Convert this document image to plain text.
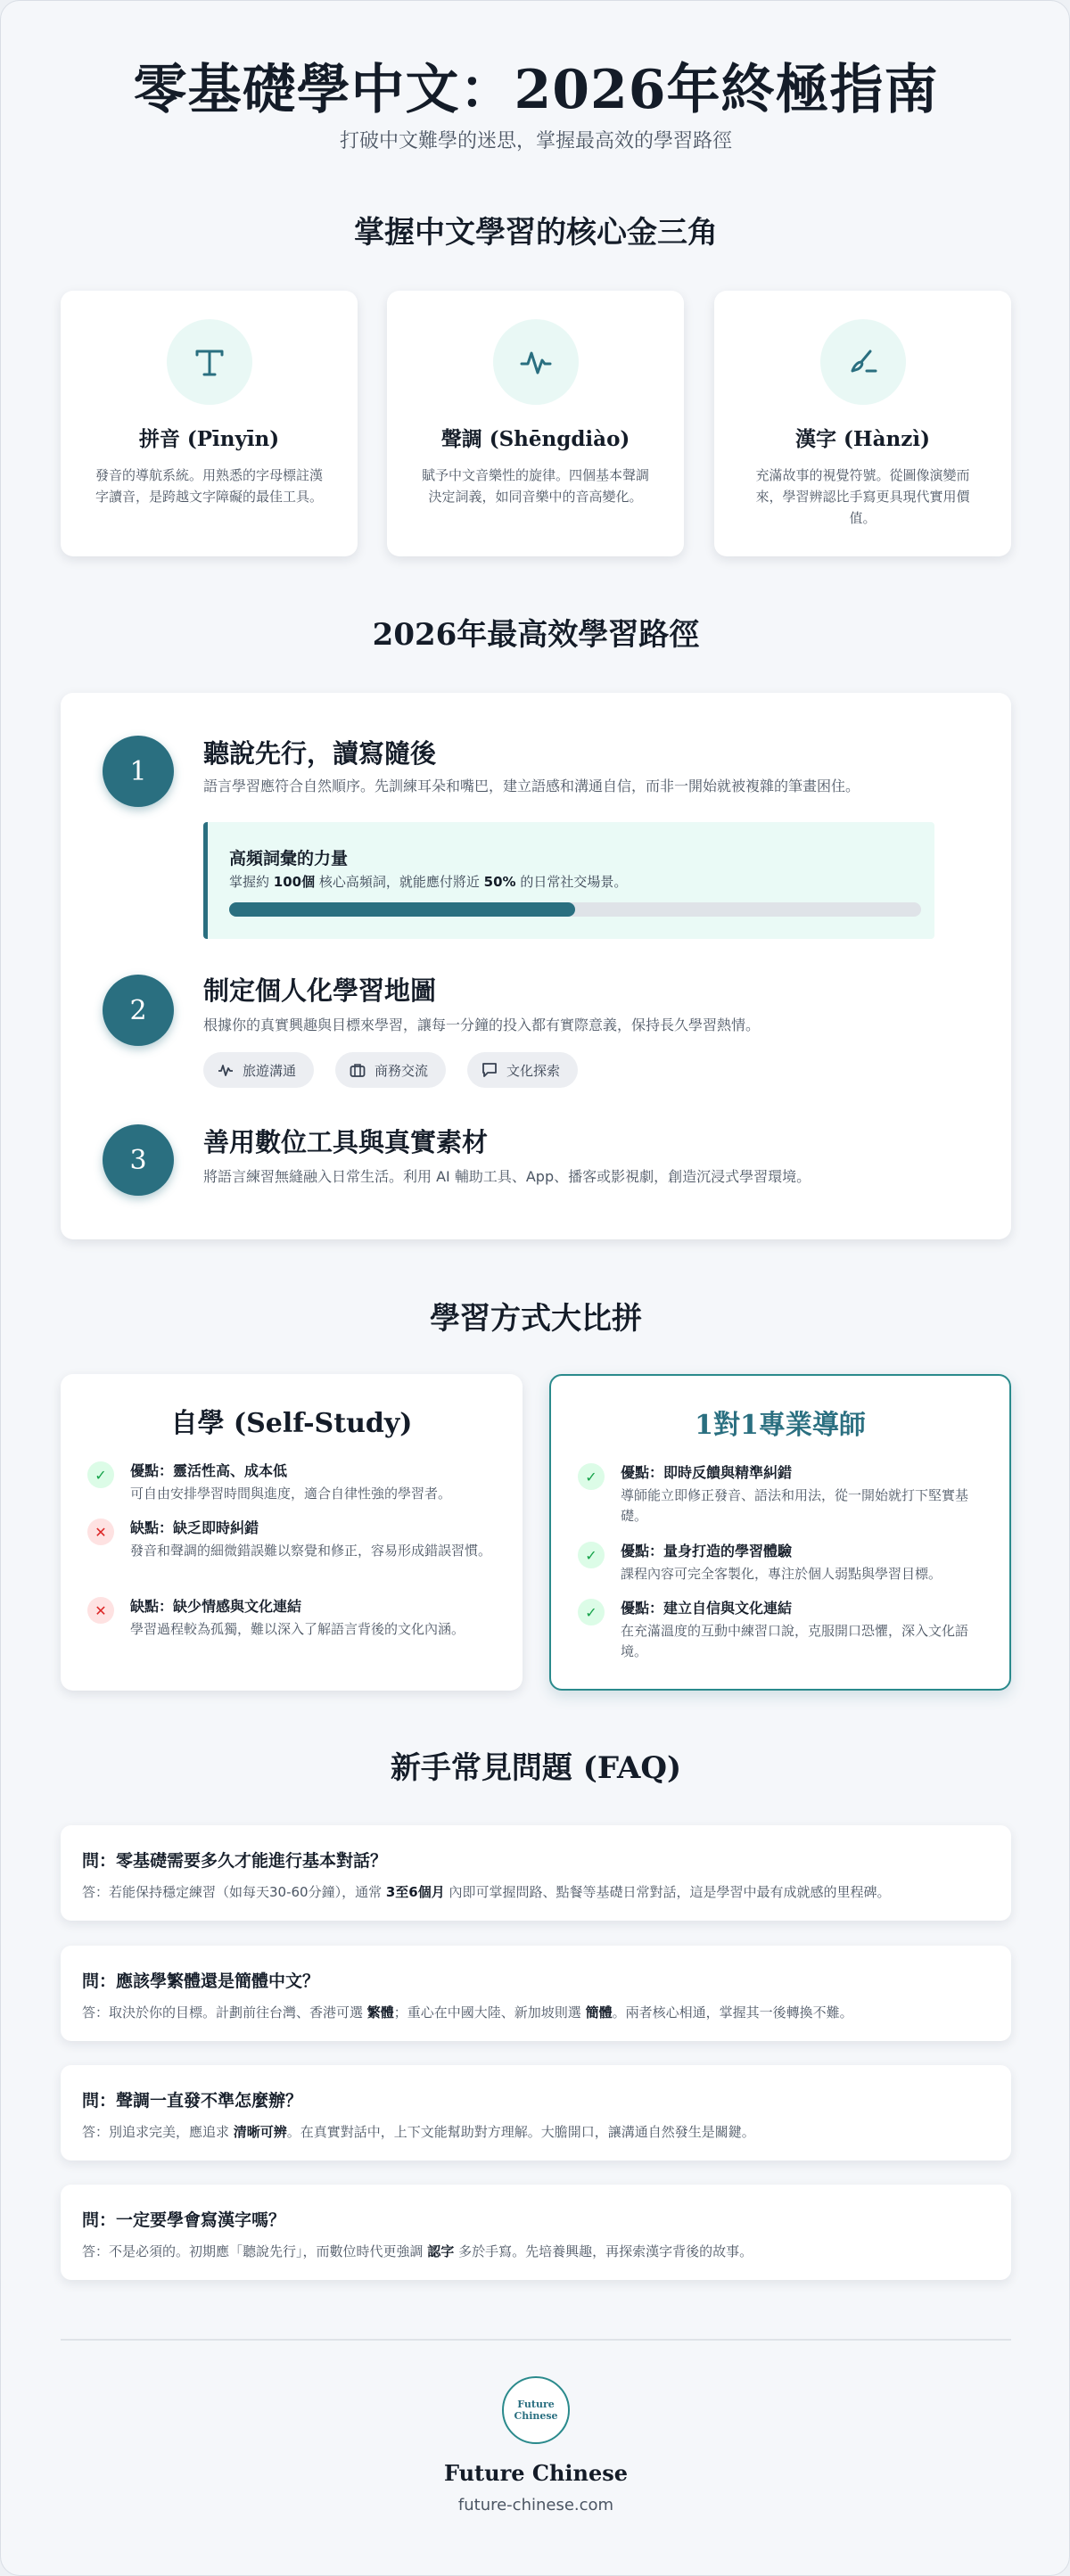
零基礎學中文：2026年終極指南
打破中文難學的迷思，掌握最高效的學習路徑
掌握中文學習的核心金三角
拼音 (Pīnyīn)
發音的導航系統。用熟悉的字母標註漢字讀音，是跨越文字障礙的最佳工具。
聲調 (Shēngdiào)
賦予中文音樂性的旋律。四個基本聲調決定詞義，如同音樂中的音高變化。
漢字 (Hànzì)
充滿故事的視覺符號。從圖像演變而來，學習辨認比手寫更具現代實用價值。
2026年最高效學習路徑
1
聽說先行，讀寫隨後
語言學習應符合自然順序。先訓練耳朵和嘴巴，建立語感和溝通自信，而非一開始就被複雜的筆畫困住。
高頻詞彙的力量
掌握約 100個 核心高頻詞，就能應付將近 50% 的日常社交場景。
2
制定個人化學習地圖
根據你的真實興趣與目標來學習，讓每一分鐘的投入都有實際意義，保持長久學習熱情。
旅遊溝通	商務交流	文化探索
3
善用數位工具與真實素材
將語言練習無縫融入日常生活。利用 AI 輔助工具、App、播客或影視劇，創造沉浸式學習環境。
學習方式大比拼
自學 (Self-Study)
✓	優點：靈活性高、成本低
可自由安排學習時間與進度，適合自律性強的學習者。
✕	缺點：缺乏即時糾錯
發音和聲調的細微錯誤難以察覺和修正，容易形成錯誤習慣。
✕	缺點：缺少情感與文化連結
學習過程較為孤獨，難以深入了解語言背後的文化內涵。
1對1專業導師
✓	優點：即時反饋與精準糾錯
導師能立即修正發音、語法和用法，從一開始就打下堅實基礎。
✓	優點：量身打造的學習體驗
課程內容可完全客製化，專注於個人弱點與學習目標。
✓	優點：建立自信與文化連結
在充滿溫度的互動中練習口說，克服開口恐懼，深入文化語境。
新手常見問題 (FAQ)
問：零基礎需要多久才能進行基本對話？
答：若能保持穩定練習（如每天30-60分鐘），通常 3至6個月 內即可掌握問路、點餐等基礎日常對話，這是學習中最有成就感的里程碑。
問：應該學繁體還是簡體中文？
答：取決於你的目標。計劃前往台灣、香港可選 繁體；重心在中國大陸、新加坡則選 簡體。兩者核心相通，掌握其一後轉換不難。
問：聲調一直發不準怎麼辦？
答：別追求完美，應追求 清晰可辨。在真實對話中，上下文能幫助對方理解。大膽開口，讓溝通自然發生是關鍵。
問：一定要學會寫漢字嗎？
答：不是必須的。初期應「聽說先行」，而數位時代更強調 認字 多於手寫。先培養興趣，再探索漢字背後的故事。
Future
Chinese
Future Chinese
future-chinese.com
